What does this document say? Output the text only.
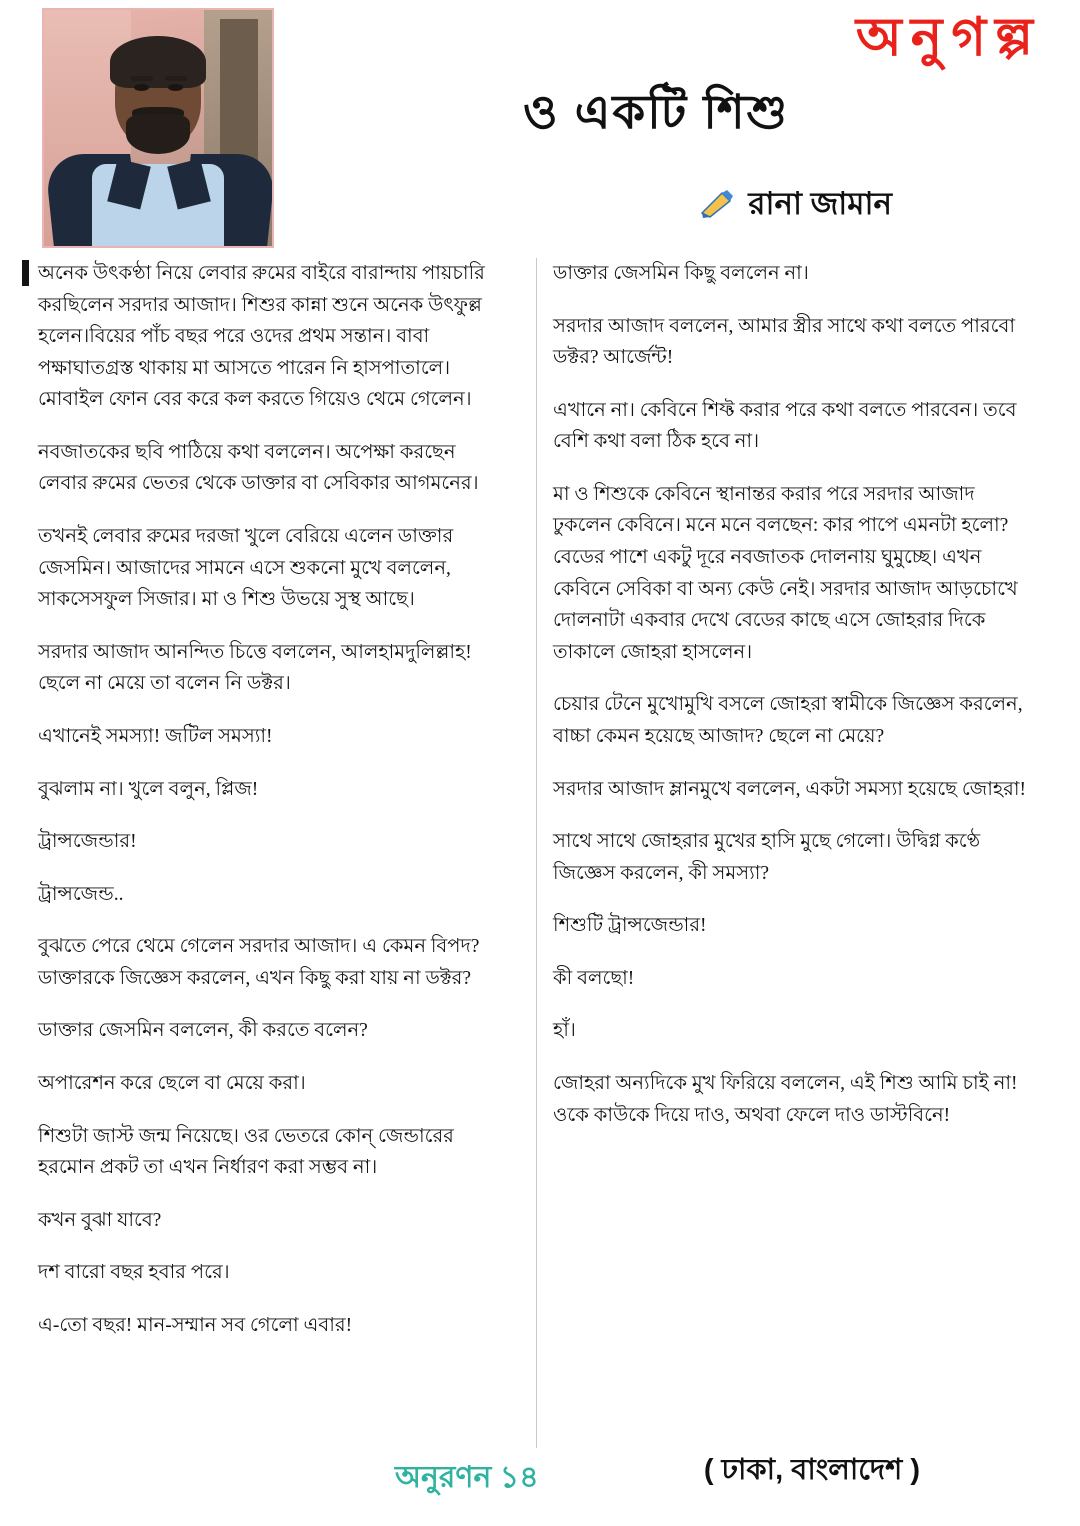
অনুগল্প
ও একটি শিশু
রানা জামান

অনেক উৎকণ্ঠা নিয়ে লেবার রুমের বাইরে বারান্দায় পায়চারি করছিলেন সরদার আজাদ। শিশুর কান্না শুনে অনেক উৎফুল্ল হলেন।বিয়ের পাঁচ বছর পরে ওদের প্রথম সন্তান। বাবা পক্ষাঘাতগ্রস্ত থাকায় মা আসতে পারেন নি হাসপাতালে। মোবাইল ফোন বের করে কল করতে গিয়েও থেমে গেলেন।

নবজাতকের ছবি পাঠিয়ে কথা বললেন। অপেক্ষা করছেন লেবার রুমের ভেতর থেকে ডাক্তার বা সেবিকার আগমনের।

তখনই লেবার রুমের দরজা খুলে বেরিয়ে এলেন ডাক্তার জেসমিন। আজাদের সামনে এসে শুকনো মুখে বললেন, সাকসেসফুল সিজার। মা ও শিশু উভয়ে সুস্থ আছে।

সরদার আজাদ আনন্দিত চিত্তে বললেন, আলহামদুলিল্লাহ! ছেলে না মেয়ে তা বলেন নি ডক্টর।

এখানেই সমস্যা! জটিল সমস্যা!

বুঝলাম না। খুলে বলুন, প্লিজ!

ট্রান্সজেন্ডার!

ট্রান্সজেন্ড..

বুঝতে পেরে থেমে গেলেন সরদার আজাদ। এ কেমন বিপদ? ডাক্তারকে জিজ্ঞেস করলেন, এখন কিছু করা যায় না ডক্টর?

ডাক্তার জেসমিন বললেন, কী করতে বলেন?

অপারেশন করে ছেলে বা মেয়ে করা।

শিশুটা জাস্ট জন্ম নিয়েছে। ওর ভেতরে কোন্ জেন্ডারের হরমোন প্রকট তা এখন নির্ধারণ করা সম্ভব না।

কখন বুঝা যাবে?

দশ বারো বছর হবার পরে।

এ-তো বছর! মান-সম্মান সব গেলো এবার!

ডাক্তার জেসমিন কিছু বললেন না।

সরদার আজাদ বললেন, আমার স্ত্রীর সাথে কথা বলতে পারবো ডক্টর? আর্জেন্ট!

এখানে না। কেবিনে শিফ্ট করার পরে কথা বলতে পারবেন। তবে বেশি কথা বলা ঠিক হবে না।

মা ও শিশুকে কেবিনে স্থানান্তর করার পরে সরদার আজাদ ঢুকলেন কেবিনে। মনে মনে বলছেন: কার পাপে এমনটা হলো? বেডের পাশে একটু দূরে নবজাতক দোলনায় ঘুমুচ্ছে। এখন কেবিনে সেবিকা বা অন্য কেউ নেই। সরদার আজাদ আড়চোখে দোলনাটা একবার দেখে বেডের কাছে এসে জোহরার দিকে তাকালে জোহরা হাসলেন।

চেয়ার টেনে মুখোমুখি বসলে জোহরা স্বামীকে জিজ্ঞেস করলেন, বাচ্চা কেমন হয়েছে আজাদ? ছেলে না মেয়ে?

সরদার আজাদ ম্লানমুখে বললেন, একটা সমস্যা হয়েছে জোহরা!

সাথে সাথে জোহরার মুখের হাসি মুছে গেলো। উদ্বিগ্ন কণ্ঠে জিজ্ঞেস করলেন, কী সমস্যা?

শিশুটি ট্রান্সজেন্ডার!

কী বলছো!

হাঁ।

জোহরা অন্যদিকে মুখ ফিরিয়ে বললেন, এই শিশু আমি চাই না! ওকে কাউকে দিয়ে দাও, অথবা ফেলে দাও ডাস্টবিনে!

অনুরণন ১৪	( ঢাকা, বাংলাদেশ )
